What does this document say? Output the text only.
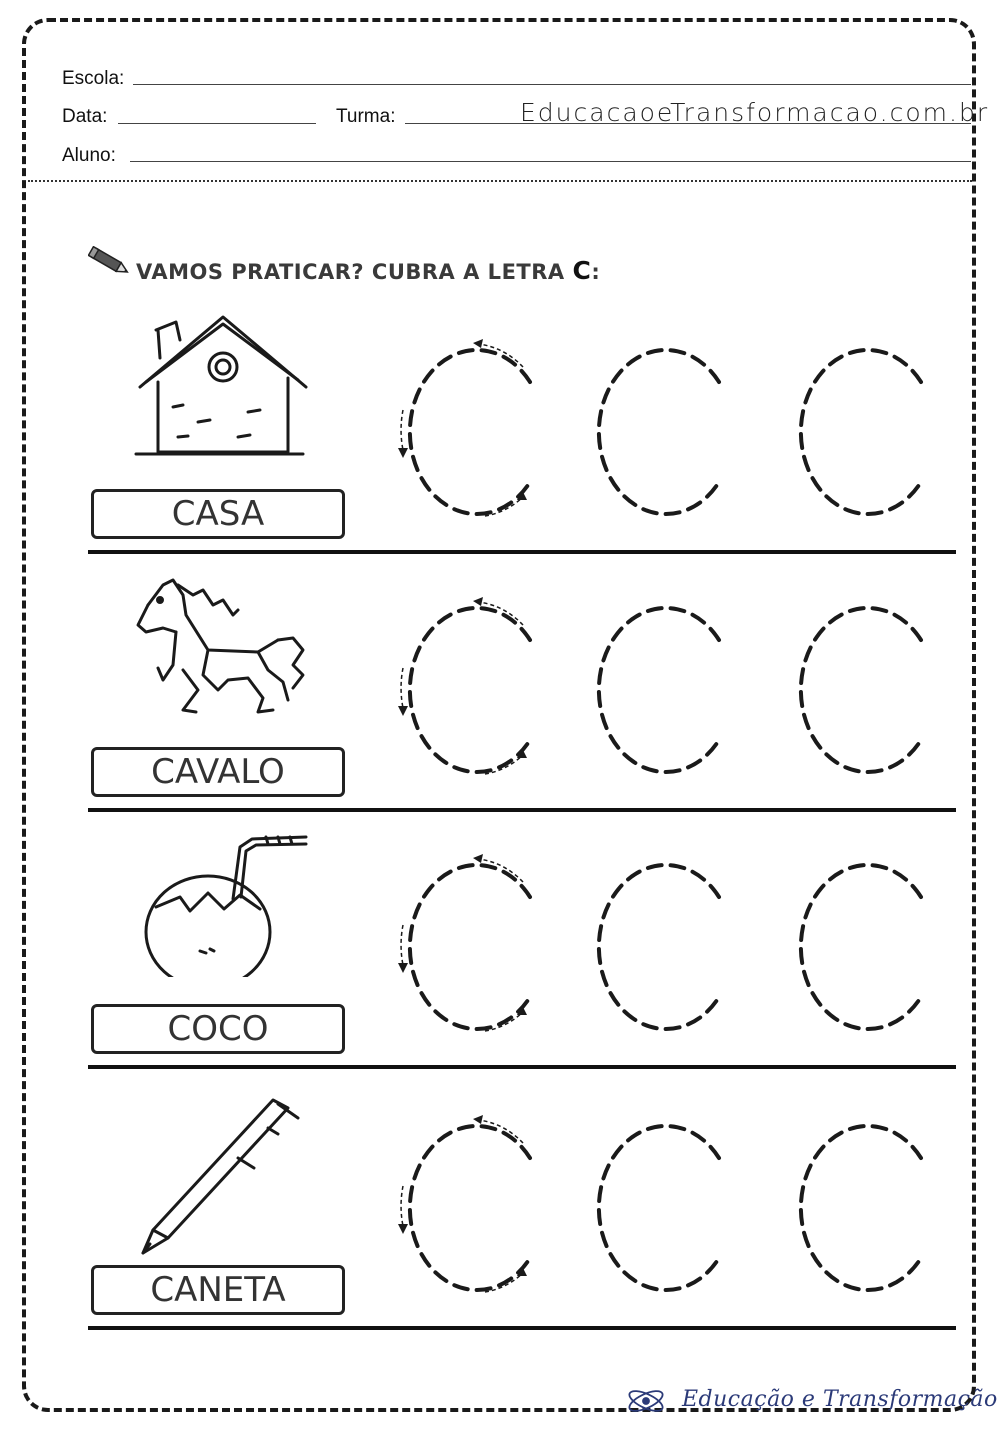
Escola:
Data:	Turma:	EducacaoeTransformacao.com.br
Aluno:
VAMOS PRATICAR? CUBRA A LETRA C:
CASA
CAVALO
COCO
CANETA
Educação e Transformação
